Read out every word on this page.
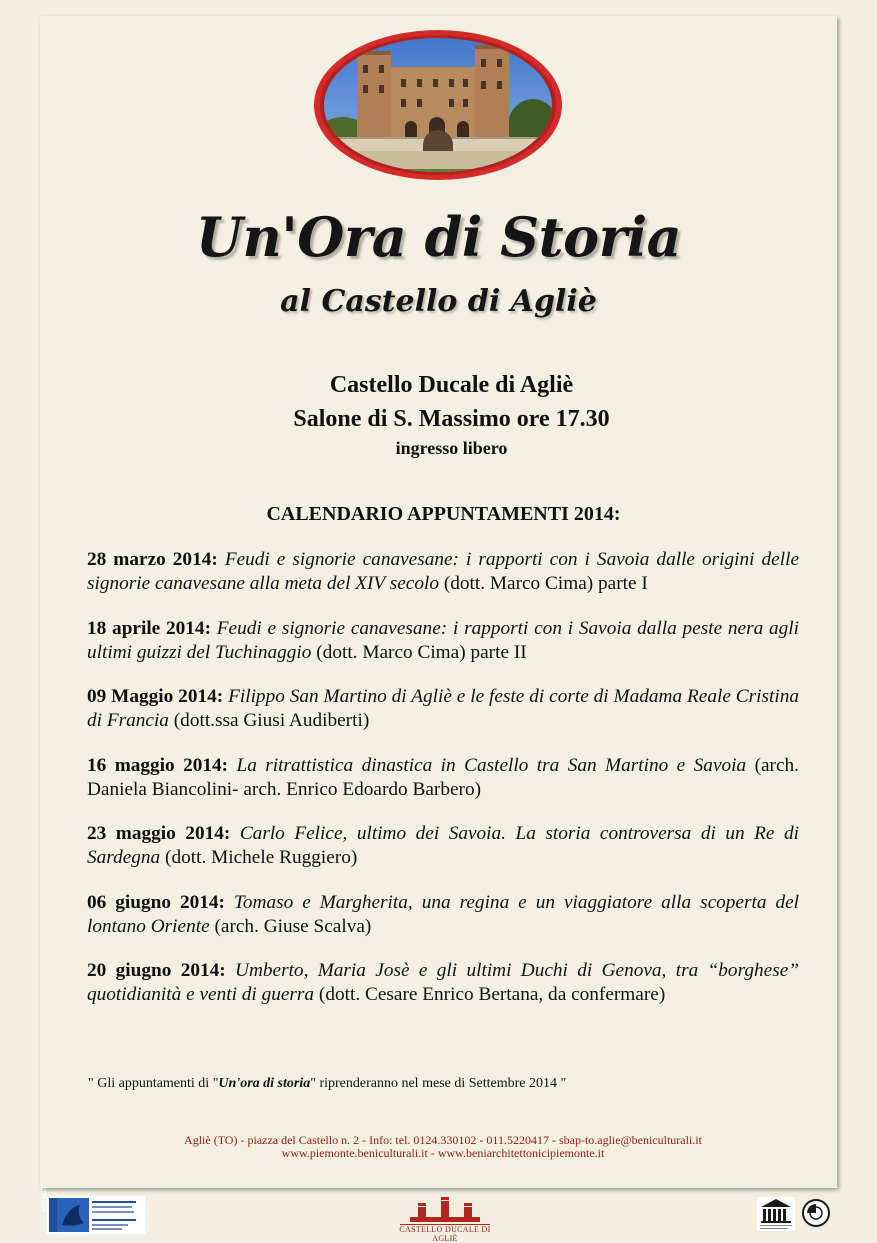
Un'Ora di Storia
al Castello di Agliè
Castello Ducale di Agliè
Salone di S. Massimo ore 17.30
ingresso libero
CALENDARIO APPUNTAMENTI 2014:
28 marzo 2014: Feudi e signorie canavesane: i rapporti con i Savoia dalle origini delle signorie canavesane alla meta del XIV secolo (dott. Marco Cima) parte I
18 aprile 2014: Feudi e signorie canavesane: i rapporti con i Savoia dalla peste nera agli ultimi guizzi del Tuchinaggio (dott. Marco Cima) parte II
09 Maggio 2014: Filippo San Martino di Agliè e le feste di corte di Madama Reale Cristina di Francia (dott.ssa Giusi Audiberti)
16 maggio 2014: La ritrattistica dinastica in Castello tra San Martino e Savoia (arch. Daniela Biancolini- arch. Enrico Edoardo Barbero)
23 maggio 2014: Carlo Felice, ultimo dei Savoia. La storia controversa di un Re di Sardegna (dott. Michele Ruggiero)
06 giugno 2014: Tomaso e Margherita, una regina e un viaggiatore alla scoperta del lontano Oriente (arch. Giuse Scalva)
20 giugno 2014: Umberto, Maria Josè e gli ultimi Duchi di Genova, tra “borghese” quotidianità e venti di guerra (dott. Cesare Enrico Bertana, da confermare)
" Gli appuntamenti di "Un'ora di storia" riprenderanno nel mese di Settembre 2014 "
Agliè (TO) - piazza del Castello n. 2 - Info: tel. 0124.330102 - 011.5220417 - sbap-to.aglie@beniculturali.it
www.piemonte.beniculturali.it - www.beniarchitettonicipiemonte.it
MIBACT
CASTELLO DUCALE DI AGLIÈ
